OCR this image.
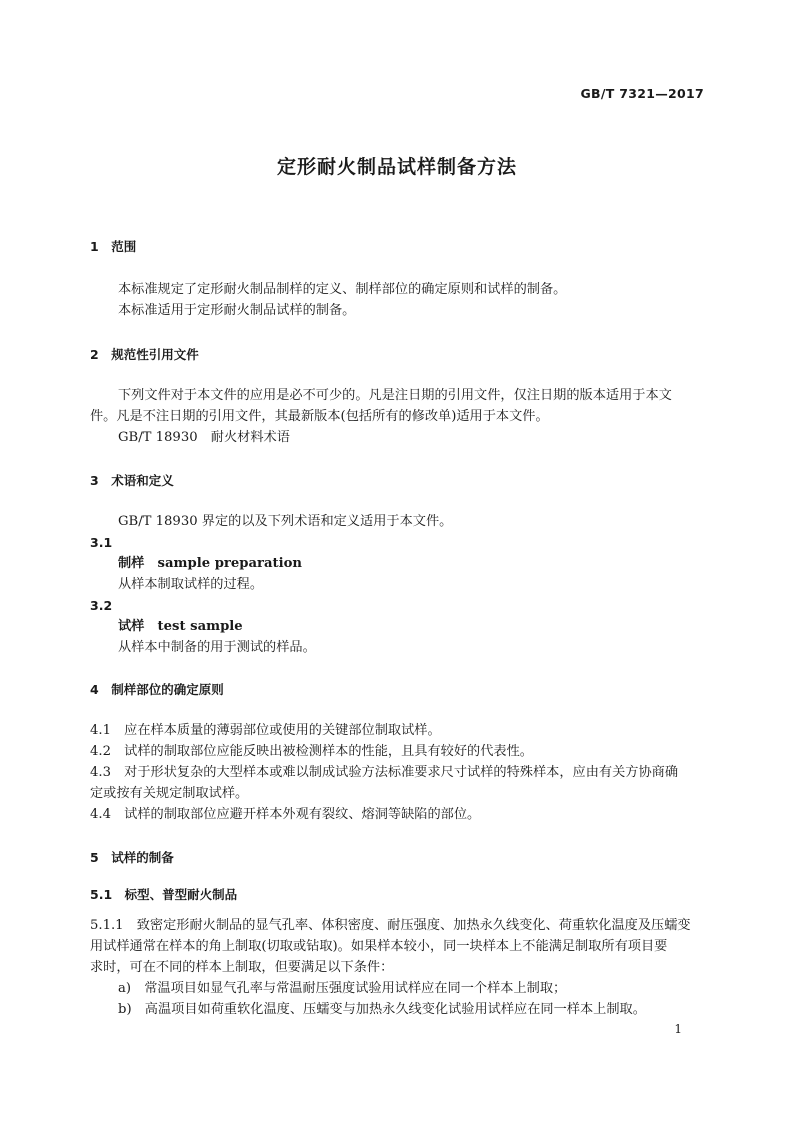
GB/T 7321—2017
定形耐火制品试样制备方法
1　范围
本标准规定了定形耐火制品制样的定义、制样部位的确定原则和试样的制备。
本标准适用于定形耐火制品试样的制备。
2　规范性引用文件
下列文件对于本文件的应用是必不可少的。凡是注日期的引用文件，仅注日期的版本适用于本文
件。凡是不注日期的引用文件，其最新版本(包括所有的修改单)适用于本文件。
GB/T 18930　耐火材料术语
3　术语和定义
GB/T 18930 界定的以及下列术语和定义适用于本文件。
3.1
制样　sample preparation
从样本制取试样的过程。
3.2
试样　test sample
从样本中制备的用于测试的样品。
4　制样部位的确定原则
4.1　应在样本质量的薄弱部位或使用的关键部位制取试样。
4.2　试样的制取部位应能反映出被检测样本的性能，且具有较好的代表性。
4.3　对于形状复杂的大型样本或难以制成试验方法标准要求尺寸试样的特殊样本，应由有关方协商确
定或按有关规定制取试样。
4.4　试样的制取部位应避开样本外观有裂纹、熔洞等缺陷的部位。
5　试样的制备
5.1　标型、普型耐火制品
5.1.1　致密定形耐火制品的显气孔率、体积密度、耐压强度、加热永久线变化、荷重软化温度及压蠕变
用试样通常在样本的角上制取(切取或钻取)。如果样本较小，同一块样本上不能满足制取所有项目要
求时，可在不同的样本上制取，但要满足以下条件：
a)　常温项目如显气孔率与常温耐压强度试验用试样应在同一个样本上制取；
b)　高温项目如荷重软化温度、压蠕变与加热永久线变化试验用试样应在同一样本上制取。
1
